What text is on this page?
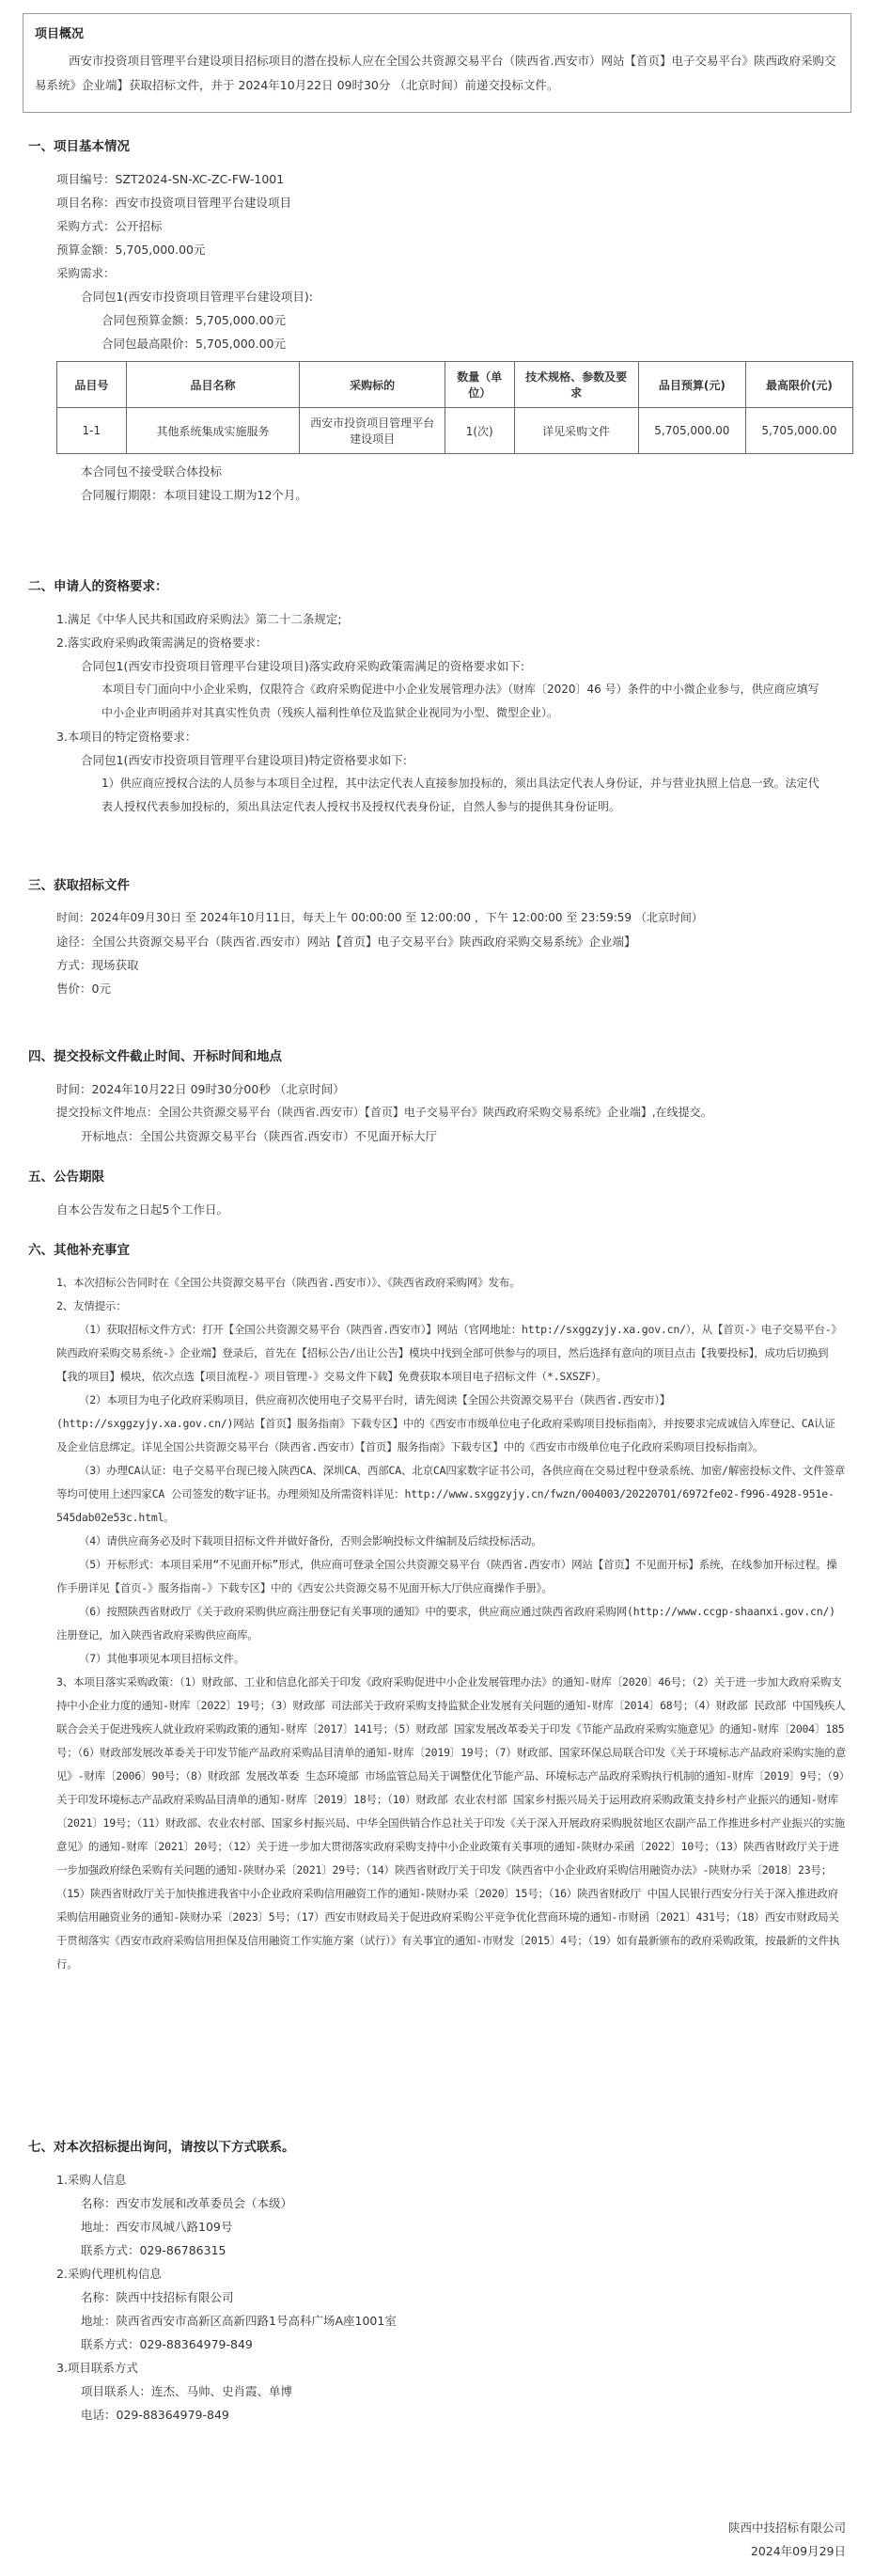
项目概况
西安市投资项目管理平台建设项目招标项目的潜在投标人应在全国公共资源交易平台（陕西省.西安市）网站【首页】电子交易平台》陕西政府采购交易系统》企业端】获取招标文件，并于 2024年10月22日 09时30分 （北京时间）前递交投标文件。
一、项目基本情况
项目编号：SZT2024-SN-XC-ZC-FW-1001
项目名称：西安市投资项目管理平台建设项目
采购方式：公开招标
预算金额：5,705,000.00元
采购需求：
合同包1(西安市投资项目管理平台建设项目):
合同包预算金额：5,705,000.00元
合同包最高限价：5,705,000.00元
品目号	品目名称	采购标的	数量（单位）	技术规格、参数及要求	品目预算(元)	最高限价(元)
1-1	其他系统集成实施服务	西安市投资项目管理平台建设项目	1(次)	详见采购文件	5,705,000.00	5,705,000.00
本合同包不接受联合体投标
合同履行期限：本项目建设工期为12个月。
二、申请人的资格要求：
1.满足《中华人民共和国政府采购法》第二十二条规定;
2.落实政府采购政策需满足的资格要求：
合同包1(西安市投资项目管理平台建设项目)落实政府采购政策需满足的资格要求如下:
本项目专门面向中小企业采购，仅限符合《政府采购促进中小企业发展管理办法》（财库〔2020〕46 号）条件的中小微企业参与，供应商应填写
中小企业声明函并对其真实性负责（残疾人福利性单位及监狱企业视同为小型、微型企业）。
3.本项目的特定资格要求：
合同包1(西安市投资项目管理平台建设项目)特定资格要求如下:
1）供应商应授权合法的人员参与本项目全过程，其中法定代表人直接参加投标的，须出具法定代表人身份证，并与营业执照上信息一致。法定代
表人授权代表参加投标的，须出具法定代表人授权书及授权代表身份证，自然人参与的提供其身份证明。
三、获取招标文件
时间：2024年09月30日 至 2024年10月11日，每天上午 00:00:00 至 12:00:00 ，下午 12:00:00 至 23:59:59 （北京时间）
途径：全国公共资源交易平台（陕西省.西安市）网站【首页】电子交易平台》陕西政府采购交易系统》企业端】
方式：现场获取
售价：0元
四、提交投标文件截止时间、开标时间和地点
时间：2024年10月22日 09时30分00秒 （北京时间）
提交投标文件地点：全国公共资源交易平台（陕西省.西安市）【首页】电子交易平台》陕西政府采购交易系统》企业端】,在线提交。
开标地点：全国公共资源交易平台（陕西省.西安市）不见面开标大厅
五、公告期限
自本公告发布之日起5个工作日。
六、其他补充事宜

1、本次招标公告同时在《全国公共资源交易平台（陕西省.西安市）》、《陕西省政府采购网》发布。

2、友情提示：

（1）获取招标文件方式：打开【全国公共资源交易平台（陕西省.西安市）】网站（官网地址：http://sxggzyjy.xa.gov.cn/），从【首页-》电子交易平台-》陕西政府采购交易系统-》企业端】登录后，首先在【招标公告/出让公告】模块中找到全部可供参与的项目，然后选择有意向的项目点击【我要投标】，成功后切换到【我的项目】模块，依次点选【项目流程-》项目管理-》交易文件下载】免费获取本项目电子招标文件（*.SXSZF）。

（2）本项目为电子化政府采购项目，供应商初次使用电子交易平台时，请先阅读【全国公共资源交易平台（陕西省.西安市）】(http://sxggzyjy.xa.gov.cn/)网站【首页】服务指南》下载专区】中的《西安市市级单位电子化政府采购项目投标指南》，并按要求完成诚信入库登记、CA认证及企业信息绑定。详见全国公共资源交易平台（陕西省.西安市）【首页】服务指南》下载专区】中的《西安市市级单位电子化政府采购项目投标指南》。

（3）办理CA认证：电子交易平台现已接入陕西CA、深圳CA、西部CA、北京CA四家数字证书公司，各供应商在交易过程中登录系统、加密/解密投标文件、文件签章等均可使用上述四家CA 公司签发的数字证书。办理须知及所需资料详见：http://www.sxggzyjy.cn/fwzn/004003/20220701/6972fe02-f996-4928-951e-545dab02e53c.html。

（4）请供应商务必及时下载项目招标文件并做好备份，否则会影响投标文件编制及后续投标活动。

（5）开标形式：本项目采用“不见面开标”形式，供应商可登录全国公共资源交易平台（陕西省.西安市）网站【首页】不见面开标】系统，在线参加开标过程。操作手册详见【首页-》服务指南-》下载专区】中的《西安公共资源交易不见面开标大厅供应商操作手册》。

（6）按照陕西省财政厅《关于政府采购供应商注册登记有关事项的通知》中的要求，供应商应通过陕西省政府采购网(http://www.ccgp-shaanxi.gov.cn/)注册登记，加入陕西省政府采购供应商库。

（7）其他事项见本项目招标文件。

3、本项目落实采购政策：（1）财政部、工业和信息化部关于印发《政府采购促进中小企业发展管理办法》的通知-财库〔2020〕46号；（2）关于进一步加大政府采购支持中小企业力度的通知-财库〔2022〕19号；（3）财政部 司法部关于政府采购支持监狱企业发展有关问题的通知-财库〔2014〕68号；（4）财政部 民政部 中国残疾人联合会关于促进残疾人就业政府采购政策的通知-财库〔2017〕141号；（5）财政部 国家发展改革委关于印发《节能产品政府采购实施意见》的通知-财库〔2004〕185号；（6）财政部发展改革委关于印发节能产品政府采购品目清单的通知-财库〔2019〕19号；（7）财政部、国家环保总局联合印发《关于环境标志产品政府采购实施的意见》-财库〔2006〕90号；（8）财政部 发展改革委 生态环境部 市场监管总局关于调整优化节能产品、环境标志产品政府采购执行机制的通知-财库〔2019〕9号；（9）关于印发环境标志产品政府采购品目清单的通知-财库〔2019〕18号；（10）财政部 农业农村部 国家乡村振兴局关于运用政府采购政策支持乡村产业振兴的通知-财库〔2021〕19号；（11）财政部、农业农村部、国家乡村振兴局、中华全国供销合作总社关于印发《关于深入开展政府采购脱贫地区农副产品工作推进乡村产业振兴的实施意见》的通知-财库〔2021〕20号；（12）关于进一步加大贯彻落实政府采购支持中小企业政策有关事项的通知-陕财办采函〔2022〕10号；（13）陕西省财政厅关于进一步加强政府绿色采购有关问题的通知-陕财办采〔2021〕29号；（14）陕西省财政厅关于印发《陕西省中小企业政府采购信用融资办法》-陕财办采〔2018〕23号；（15）陕西省财政厅关于加快推进我省中小企业政府采购信用融资工作的通知-陕财办采〔2020〕15号；（16）陕西省财政厅 中国人民银行西安分行关于深入推进政府采购信用融资业务的通知-陕财办采〔2023〕5号；（17）西安市财政局关于促进政府采购公平竞争优化营商环境的通知-市财函〔2021〕431号；（18）西安市财政局关于贯彻落实《西安市政府采购信用担保及信用融资工作实施方案（试行）》有关事宜的通知-市财发〔2015〕4号；（19）如有最新颁布的政府采购政策，按最新的文件执行。

七、对本次招标提出询问，请按以下方式联系。
1.采购人信息
名称：西安市发展和改革委员会（本级）
地址：西安市凤城八路109号
联系方式：029-86786315
2.采购代理机构信息
名称：陕西中技招标有限公司
地址：陕西省西安市高新区高新四路1号高科广场A座1001室
联系方式：029-88364979-849
3.项目联系方式
项目联系人：连杰、马帅、史肖霞、单博
电话：029-88364979-849
陕西中技招标有限公司
2024年09月29日
